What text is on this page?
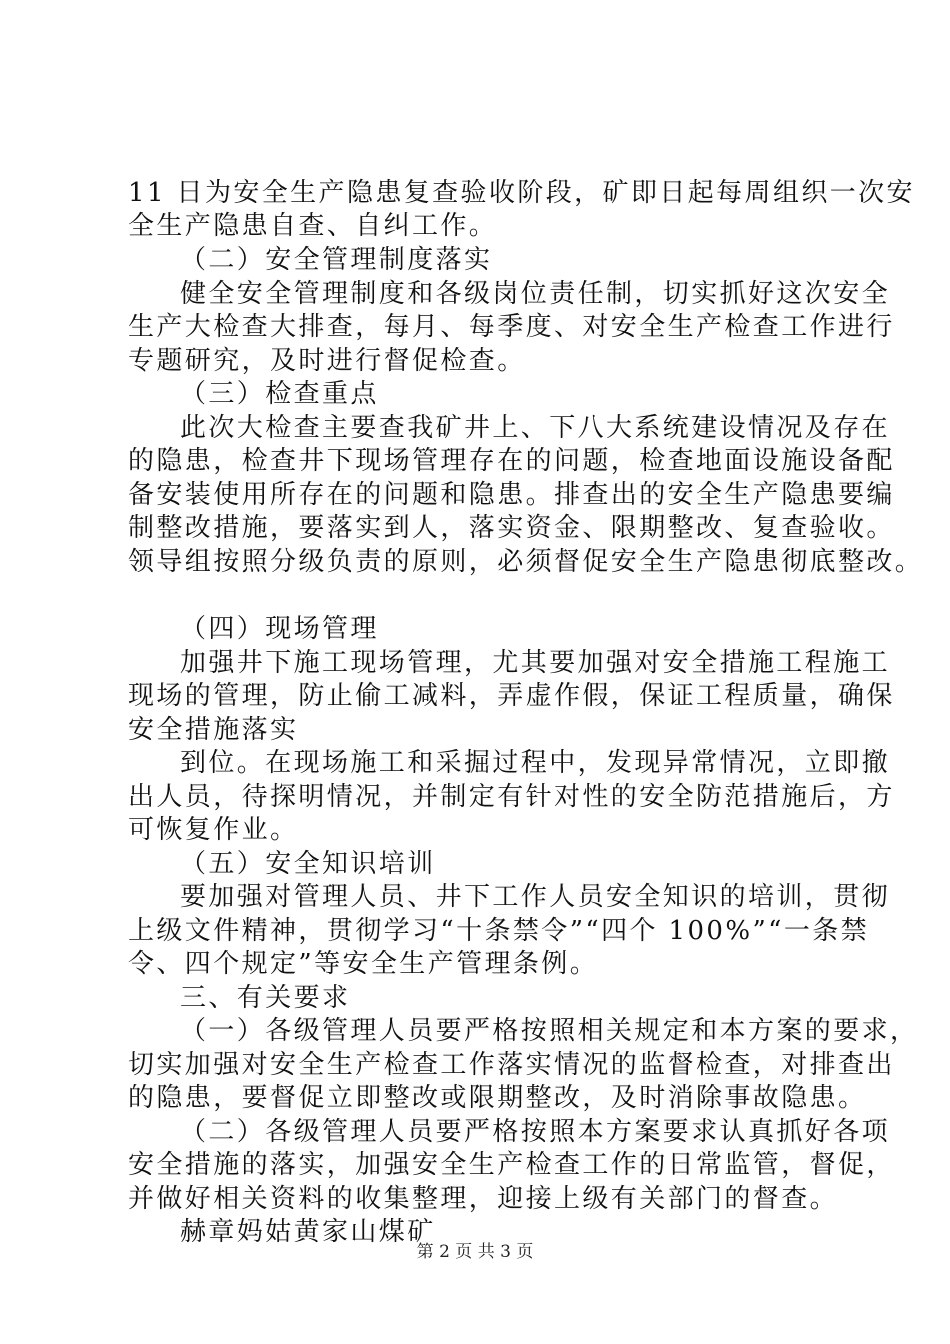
11 日为安全生产隐患复查验收阶段，矿即日起每周组织一次安
全生产隐患自查、自纠工作。
（二）安全管理制度落实
健全安全管理制度和各级岗位责任制，切实抓好这次安全
生产大检查大排查，每月、每季度、对安全生产检查工作进行
专题研究，及时进行督促检查。
（三）检查重点
此次大检查主要查我矿井上、下八大系统建设情况及存在
的隐患，检查井下现场管理存在的问题，检查地面设施设备配
备安装使用所存在的问题和隐患。排查出的安全生产隐患要编
制整改措施，要落实到人，落实资金、限期整改、复查验收。
领导组按照分级负责的原则，必须督促安全生产隐患彻底整改。
（四）现场管理
加强井下施工现场管理，尤其要加强对安全措施工程施工
现场的管理，防止偷工减料，弄虚作假，保证工程质量，确保
安全措施落实
到位。在现场施工和采掘过程中，发现异常情况，立即撤
出人员，待探明情况，并制定有针对性的安全防范措施后，方
可恢复作业。
（五）安全知识培训
要加强对管理人员、井下工作人员安全知识的培训，贯彻
上级文件精神，贯彻学习“十条禁令”“四个 100%”“一条禁
令、四个规定”等安全生产管理条例。
三、有关要求
（一）各级管理人员要严格按照相关规定和本方案的要求，
切实加强对安全生产检查工作落实情况的监督检查，对排查出
的隐患，要督促立即整改或限期整改，及时消除事故隐患。
（二）各级管理人员要严格按照本方案要求认真抓好各项
安全措施的落实，加强安全生产检查工作的日常监管，督促，
并做好相关资料的收集整理，迎接上级有关部门的督查。
赫章妈姑黄家山煤矿
第 2 页 共 3 页
